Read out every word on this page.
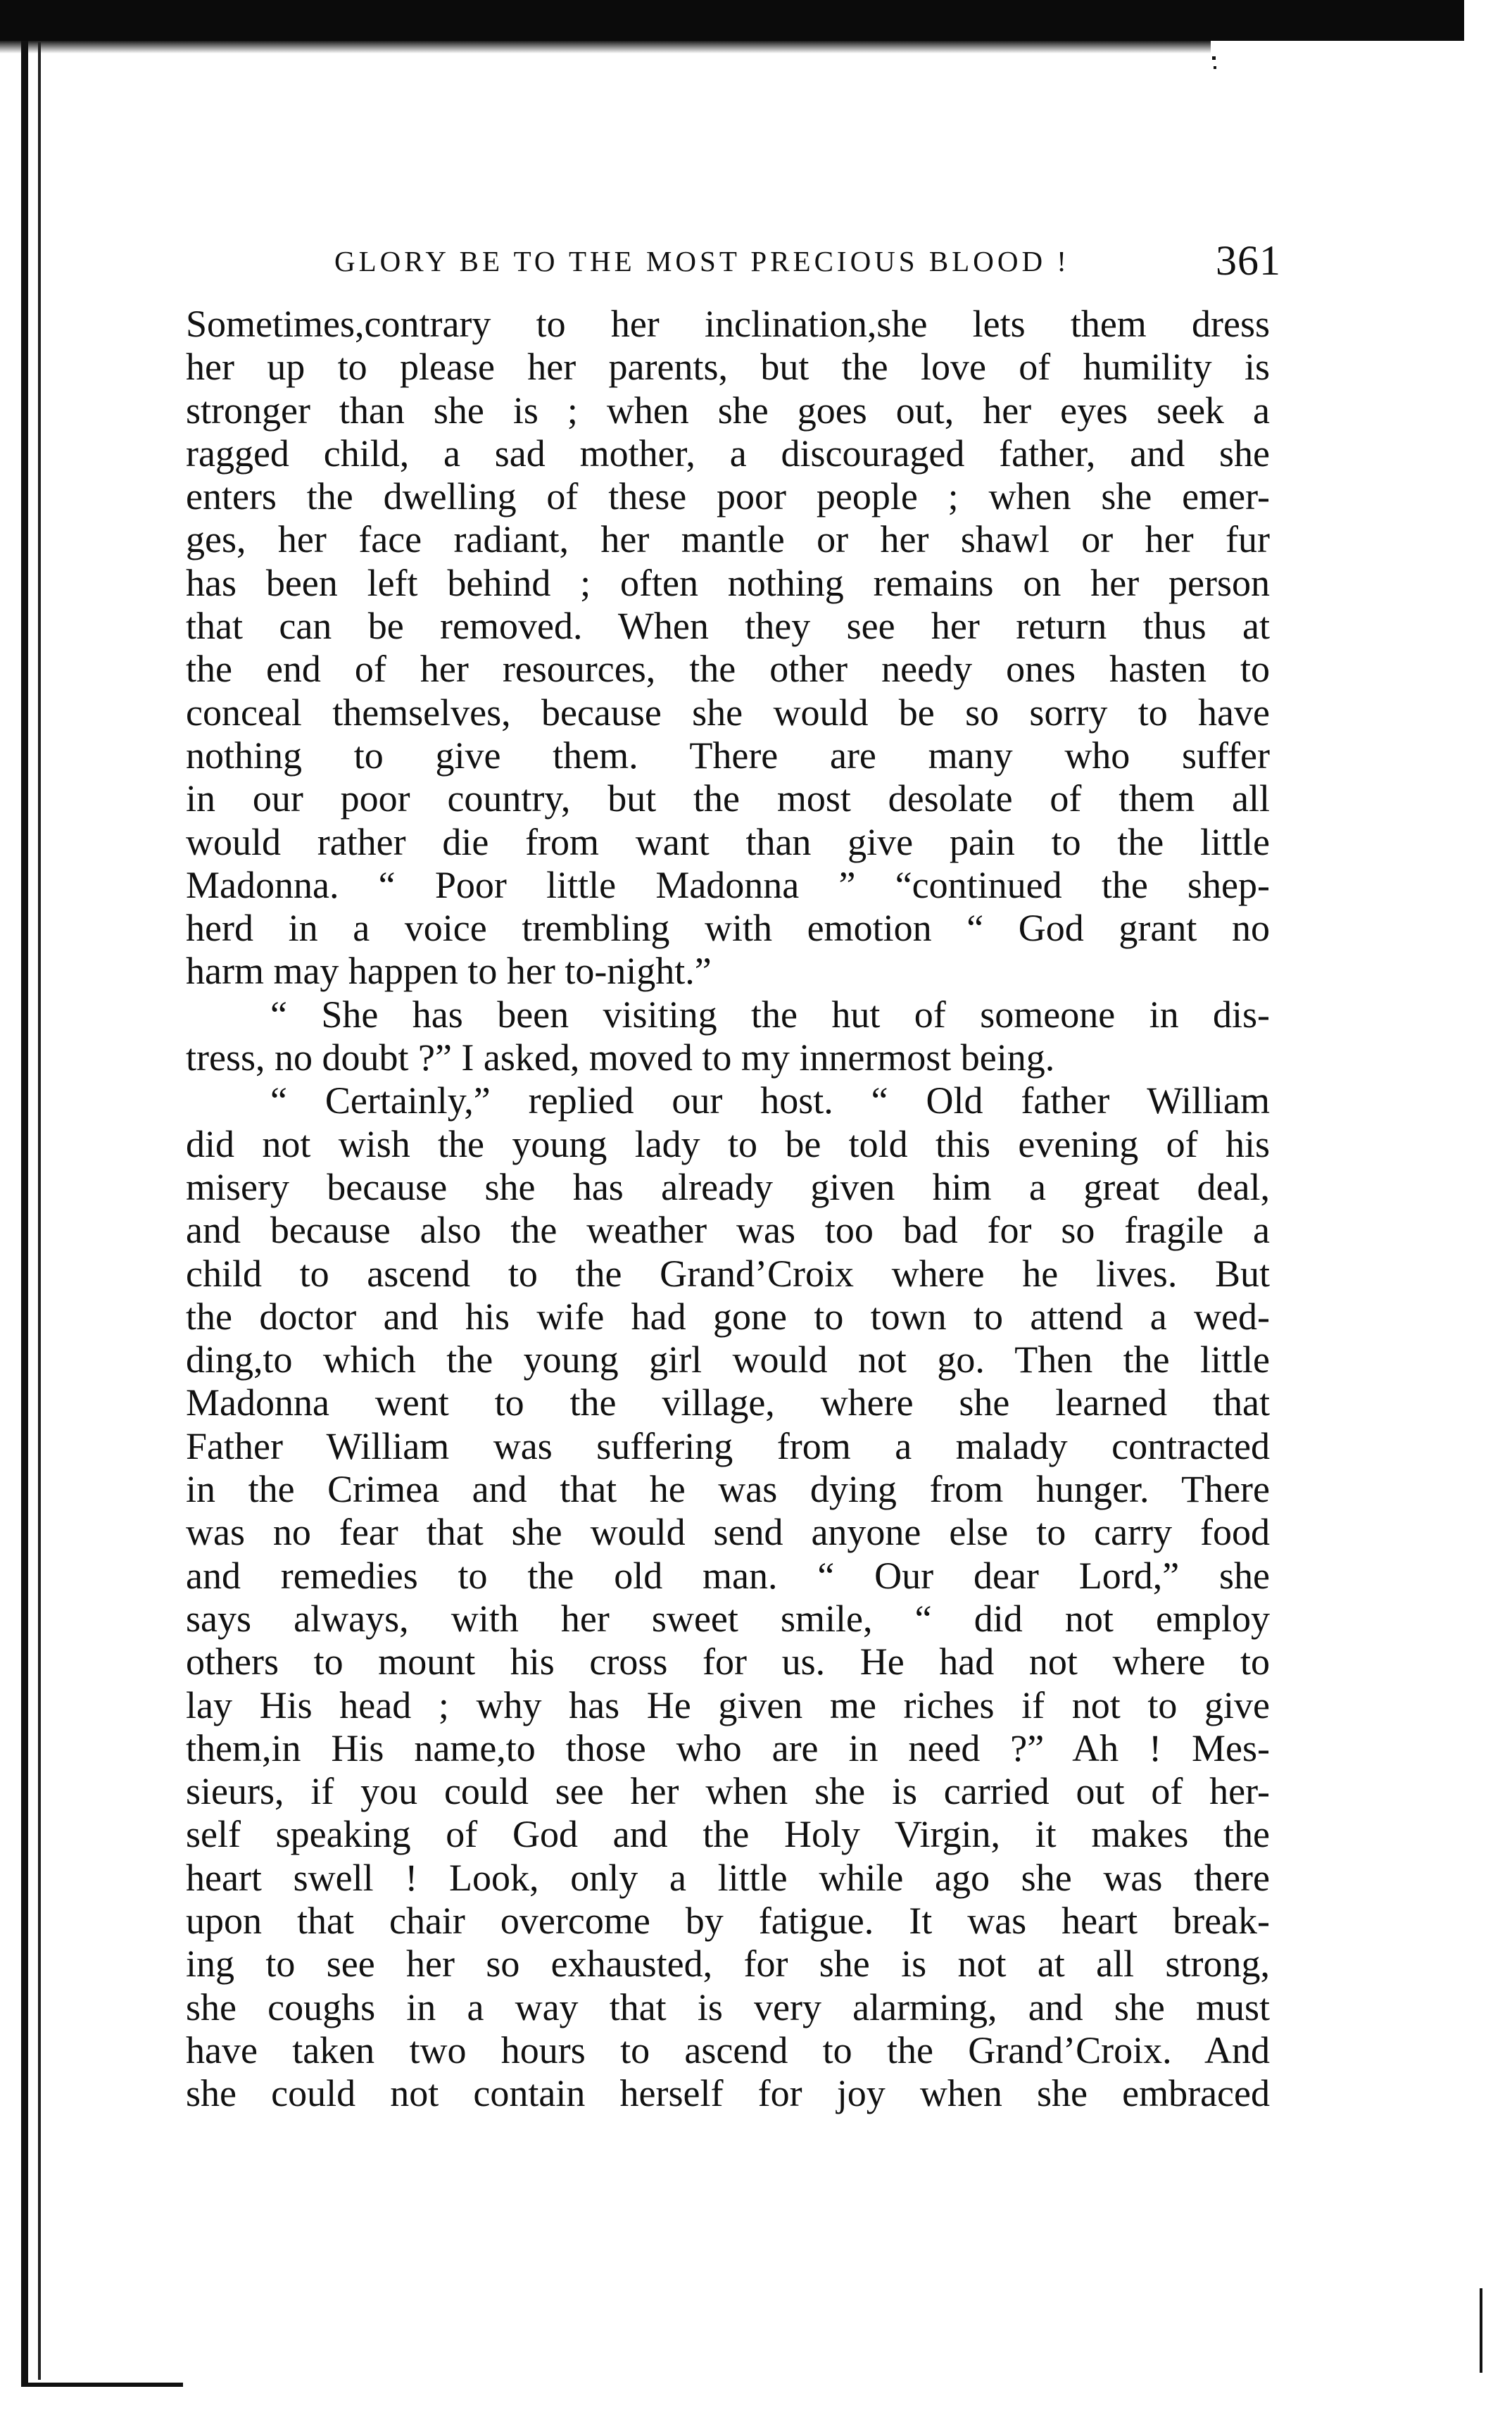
GLORY BE TO THE MOST PRECIOUS BLOOD !	361
Sometimes,contrary to her inclination,she lets them dress
her up to please her parents, but the love of humility is
stronger than she is ; when she goes out, her eyes seek a
ragged child, a sad mother, a discouraged father, and she
enters the dwelling of these poor people ; when she emer-
ges, her face radiant, her mantle or her shawl or her fur
has been left behind ; often nothing remains on her person
that can be removed. When they see her return thus at
the end of her resources, the other needy ones hasten to
conceal themselves, because she would be so sorry to have
nothing to give them. There are many who suffer
in our poor country, but the most desolate of them all
would rather die from want than give pain to the little
Madonna. “ Poor little Madonna ” “continued the shep-
herd in a voice trembling with emotion “ God grant no
harm may happen to her to-night.”
“ She has been visiting the hut of someone in dis-
tress, no doubt ?” I asked, moved to my innermost being.
“ Certainly,” replied our host. “ Old father William
did not wish the young lady to be told this evening of his
misery because she has already given him a great deal,
and because also the weather was too bad for so fragile a
child to ascend to the Grand’Croix where he lives. But
the doctor and his wife had gone to town to attend a wed-
ding,to which the young girl would not go. Then the little
Madonna went to the village, where she learned that
Father William was suffering from a malady contracted
in the Crimea and that he was dying from hunger. There
was no fear that she would send anyone else to carry food
and remedies to the old man. “ Our dear Lord,” she
says always, with her sweet smile, “ did not employ
others to mount his cross for us. He had not where to
lay His head ; why has He given me riches if not to give
them,in His name,to those who are in need ?” Ah ! Mes-
sieurs, if you could see her when she is carried out of her-
self speaking of God and the Holy Virgin, it makes the
heart swell ! Look, only a little while ago she was there
upon that chair overcome by fatigue. It was heart break-
ing to see her so exhausted, for she is not at all strong,
she coughs in a way that is very alarming, and she must
have taken two hours to ascend to the Grand’Croix. And
she could not contain herself for joy when she embraced
